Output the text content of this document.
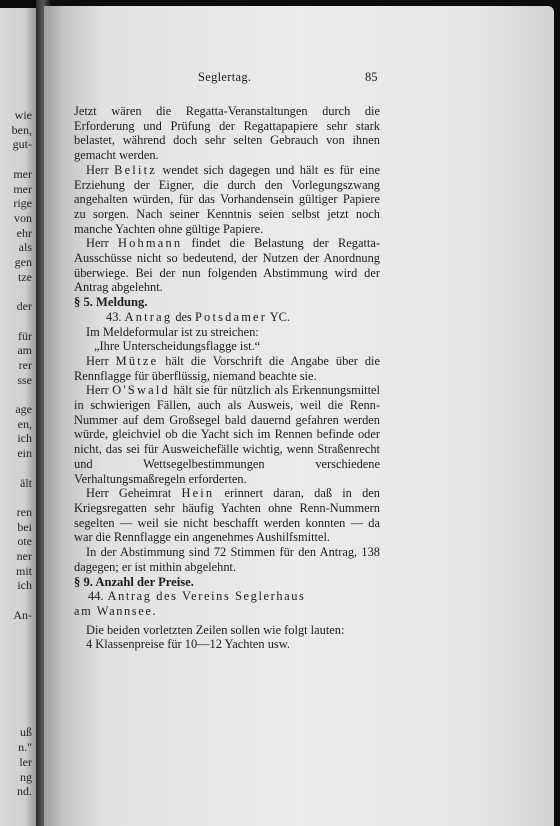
wie
ben,
gut-
mer
mer
rige
von
ehr
als
gen
tze
der
für
am
rer
sse
age
en,
ich
ein
ält
ren
bei
ote
ner
mit
ich
An-
uß
n."
ler
ng
nd.
Seglertag.	85

Jetzt wären die Regatta-Veranstaltungen durch die Erforderung und Prüfung der Regattapapiere sehr stark belastet, während doch sehr selten Gebrauch von ihnen gemacht werden.

Herr Belitz wendet sich dagegen und hält es für eine Erziehung der Eigner, die durch den Vorlegungszwang angehalten würden, für das Vorhandensein gültiger Papiere zu sorgen. Nach seiner Kenntnis seien selbst jetzt noch manche Yachten ohne gültige Papiere.

Herr Hohmann findet die Belastung der Regatta-Ausschüsse nicht so bedeutend, der Nutzen der Anordnung überwiege. Bei der nun folgenden Abstimmung wird der Antrag abgelehnt.

§ 5. Meldung.

43. Antrag des Potsdamer YC.

Im Meldeformular ist zu streichen:

„Ihre Unterscheidungsflagge ist.“

Herr Mütze hält die Vorschrift die Angabe über die Rennflagge für überflüssig, niemand beachte sie.

Herr O'Swald hält sie für nützlich als Erkennungsmittel in schwierigen Fällen, auch als Ausweis, weil die Renn-Nummer auf dem Großsegel bald dauernd gefahren werden würde, gleichviel ob die Yacht sich im Rennen befinde oder nicht, das sei für Ausweichefälle wichtig, wenn Straßenrecht und Wettsegelbestimmungen verschiedene Verhaltungsmaßregeln erforderten.

Herr Geheimrat Hein erinnert daran, daß in den Kriegsregatten sehr häufig Yachten ohne Renn-Nummern segelten — weil sie nicht beschafft werden konnten — da war die Rennflagge ein angenehmes Aushilfsmittel.

In der Abstimmung sind 72 Stimmen für den Antrag, 138 dagegen; er ist mithin abgelehnt.

§ 9. Anzahl der Preise.

44. Antrag des Vereins Seglerhaus

am Wannsee.

Die beiden vorletzten Zeilen sollen wie folgt lauten:

4 Klassenpreise für 10—12 Yachten usw.
